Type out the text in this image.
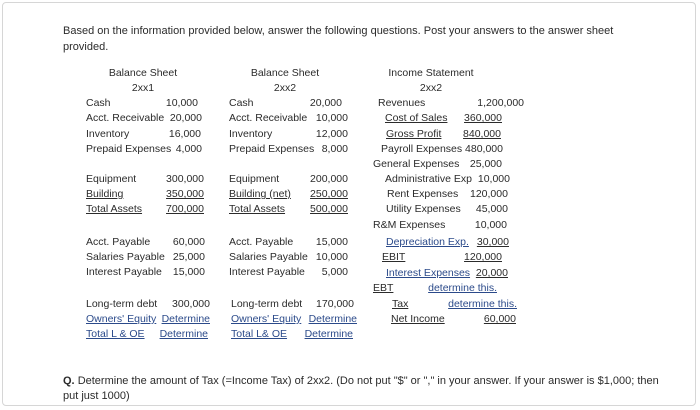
Based on the information provided below, answer the following questions. Post your answers to the answer sheet provided.
Balance Sheet
2xx1
Cash	10,000
Acct. Receivable 20,000
Inventory	16,000
Prepaid Expenses 4,000
Equipment	300,000
Building	350,000
Total Assets	700,000
Acct. Payable	60,000
Salaries Payable 25,000
Interest Payable	15,000
Long-term debt	300,000
Owners' Equity Determine
Total L & OE	Determine
Balance Sheet
2xx2
Cash	20,000
Acct. Receivable 10,000
Inventory	12,000
Prepaid Expenses 8,000
Equipment	200,000
Building (net)	250,000
Total Assets	500,000
Acct. Payable	15,000
Salaries Payable 10,000
Interest Payable	5,000
Long-term debt	170,000
Owners' Equity Determine
Total L& OE	Determine
Income Statement
2xx2
Revenues	1,200,000
Cost of Sales	360,000
Gross Profit	840,000
Payroll Expenses 480,000
General Expenses 25,000
Administrative Exp 10,000
Rent Expenses 120,000
Utility Expenses	45,000
R&M Expenses	10,000
Depreciation Exp. 30,000
EBIT	120,000
Interest Expenses 20,000
EBT	determine this.
Tax	determine this.
Net Income	60,000
Q. Determine the amount of Tax (=Income Tax) of 2xx2. (Do not put "$" or "," in your answer. If your answer is $1,000; then put just 1000)
